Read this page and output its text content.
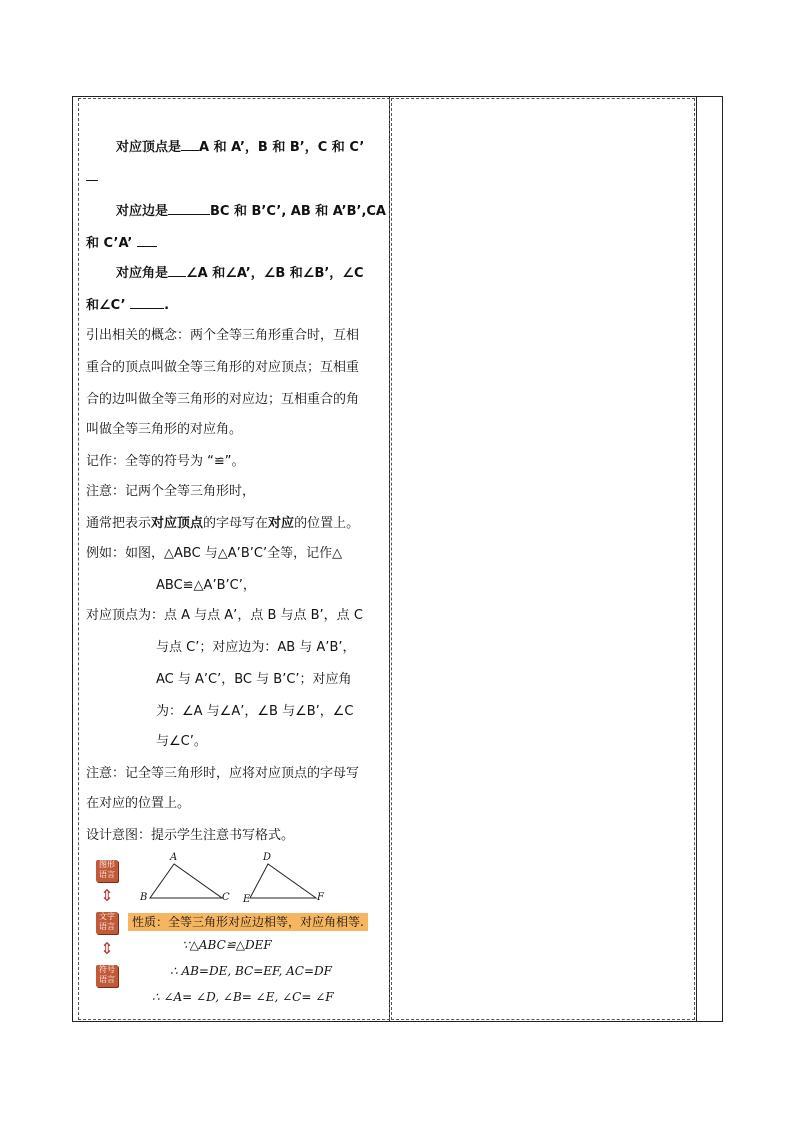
对应顶点是 A 和 A’，B 和 B’，C 和 C’
对应边是	BC 和 B’C’, AB 和 A’B’,CA
和 C’A’
对应角是 ∠A 和∠A’，∠B 和∠B’，∠C
和∠C’	.
引出相关的概念：两个全等三角形重合时，互相
重合的顶点叫做全等三角形的对应顶点；互相重
合的边叫做全等三角形的对应边；互相重合的角
叫做全等三角形的对应角。
记作：全等的符号为 “≌”。
注意：记两个全等三角形时，
通常把表示对应顶点的字母写在对应的位置上。
例如：如图，△ABC 与△A’B’C’全等，记作△
ABC≌△A’B’C’，
对应顶点为：点 A 与点 A’，点 B 与点 B’，点 C
与点 C’；对应边为：AB 与 A’B’，
AC 与 A’C’，BC 与 B’C’；对应角
为：∠A 与∠A’，∠B 与∠B’，∠C
与∠C’。
注意：记全等三角形时，应将对应顶点的字母写
在对应的位置上。
设计意图：提示学生注意书写格式。
图形语言
⇕
文字语言
⇕
符号语言
A
B	C
D
E	F
性质：全等三角形对应边相等，对应角相等.
∵△ABC≌△DEF
∴ AB=DE, BC=EF, AC=DF
∴ ∠A= ∠D, ∠B= ∠E, ∠C= ∠F
